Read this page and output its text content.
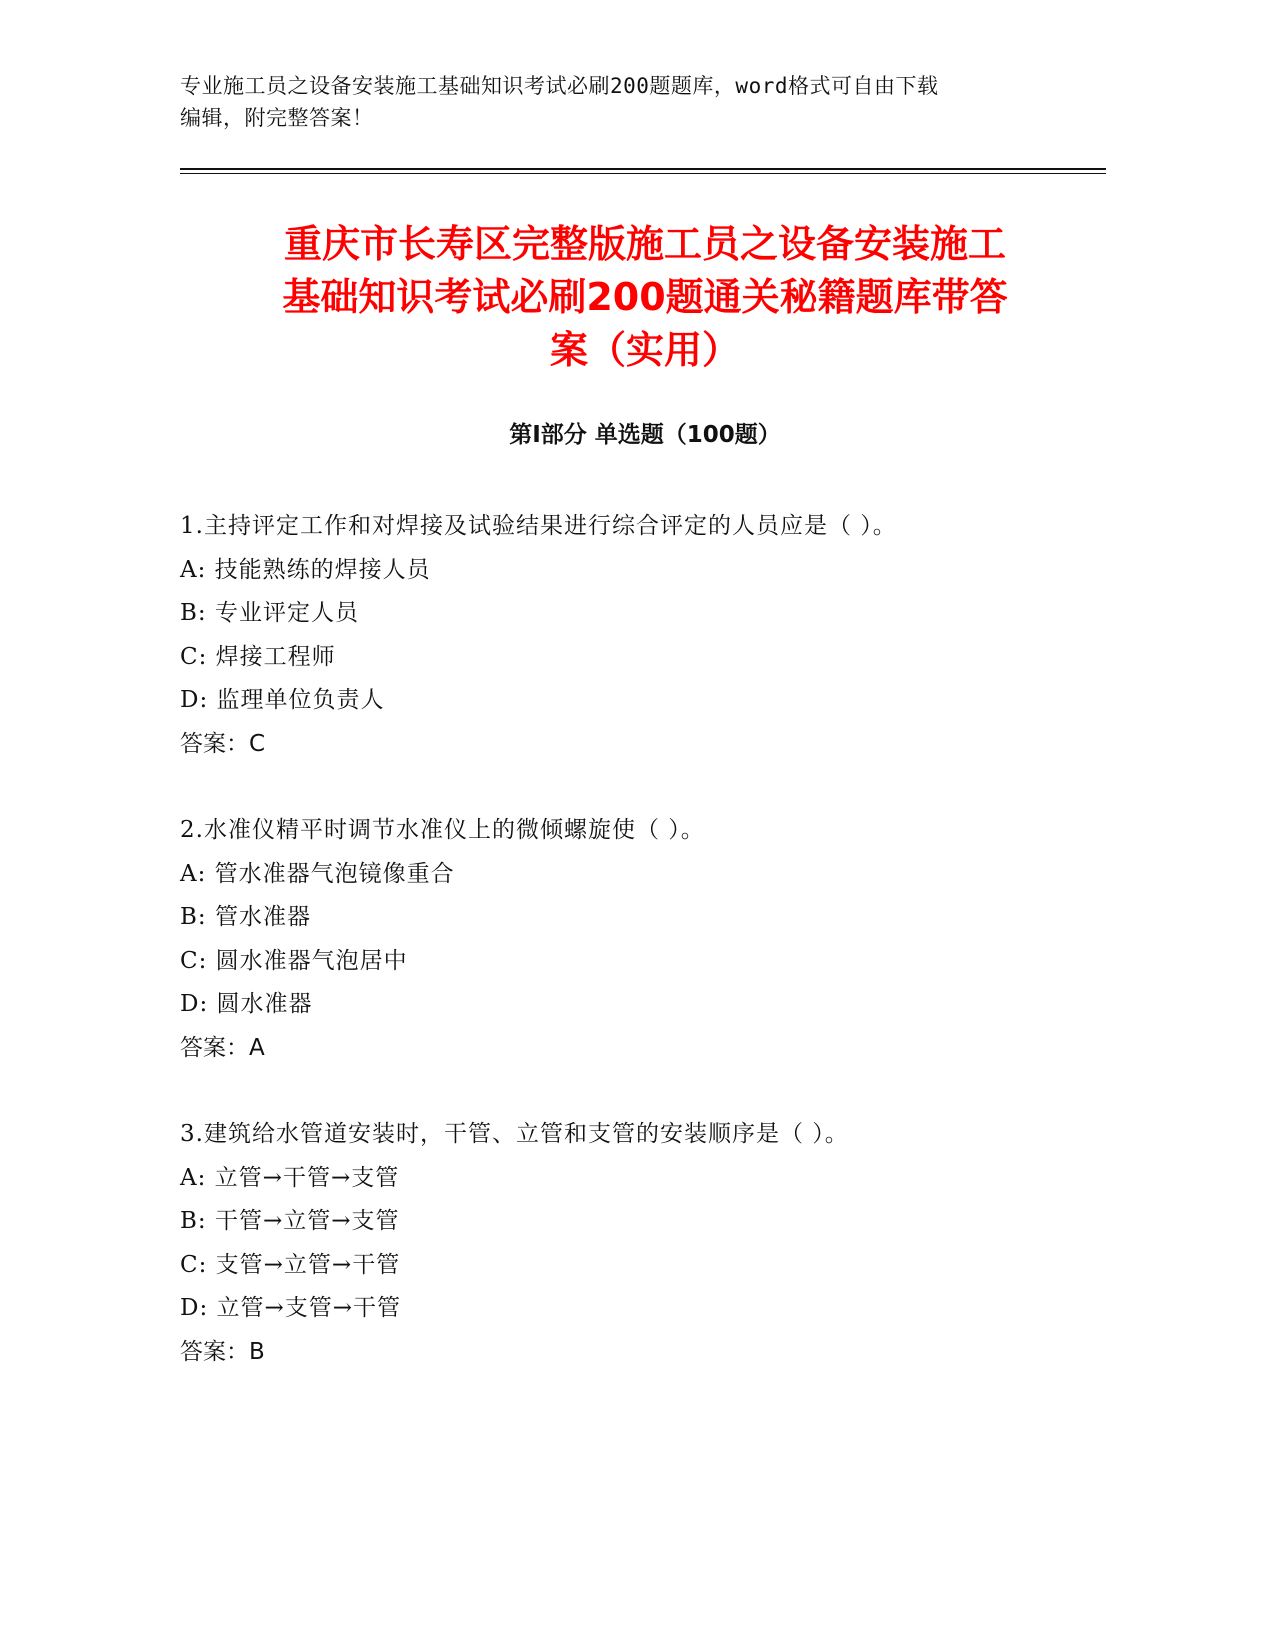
专业施工员之设备安装施工基础知识考试必刷200题题库，word格式可自由下载
编辑，附完整答案！
重庆市长寿区完整版施工员之设备安装施工
基础知识考试必刷200题通关秘籍题库带答
案（实用）
第Ⅰ部分 单选题（100题）
1.主持评定工作和对焊接及试验结果进行综合评定的人员应是（ ）。
A: 技能熟练的焊接人员
B: 专业评定人员
C: 焊接工程师
D: 监理单位负责人
答案：C
2.水准仪精平时调节水准仪上的微倾螺旋使（ ）。
A: 管水准器气泡镜像重合
B: 管水准器
C: 圆水准器气泡居中
D: 圆水准器
答案：A
3.建筑给水管道安装时，干管、立管和支管的安装顺序是（ ）。
A: 立管→干管→支管
B: 干管→立管→支管
C: 支管→立管→干管
D: 立管→支管→干管
答案：B
